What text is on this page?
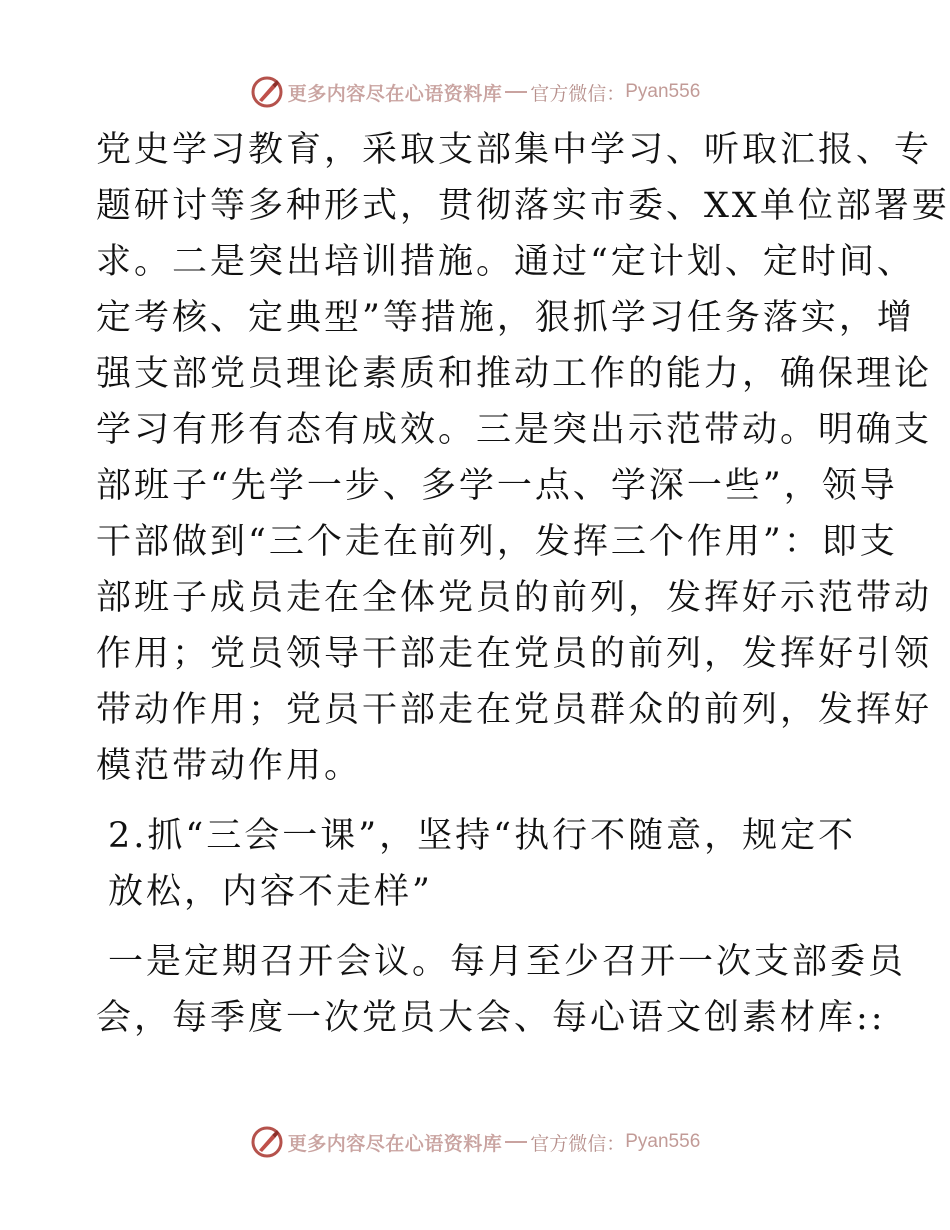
更多内容尽在心语资料库 官方微信： Pyan556
党史学习教育，采取支部集中学习、听取汇报、专
题研讨等多种形式，贯彻落实市委、XX单位部署要
求。二是突出培训措施。通过“定计划、定时间、
定考核、定典型”等措施，狠抓学习任务落实，增
强支部党员理论素质和推动工作的能力，确保理论
学习有形有态有成效。三是突出示范带动。明确支
部班子“先学一步、多学一点、学深一些”，领导
干部做到“三个走在前列，发挥三个作用”：即支
部班子成员走在全体党员的前列，发挥好示范带动
作用；党员领导干部走在党员的前列，发挥好引领
带动作用；党员干部走在党员群众的前列，发挥好
模范带动作用。
2.抓“三会一课”，坚持“执行不随意，规定不
放松，内容不走样”
一是定期召开会议。每月至少召开一次支部委员
会，每季度一次党员大会、每心语文创素材库::
更多内容尽在心语资料库 官方微信： Pyan556
